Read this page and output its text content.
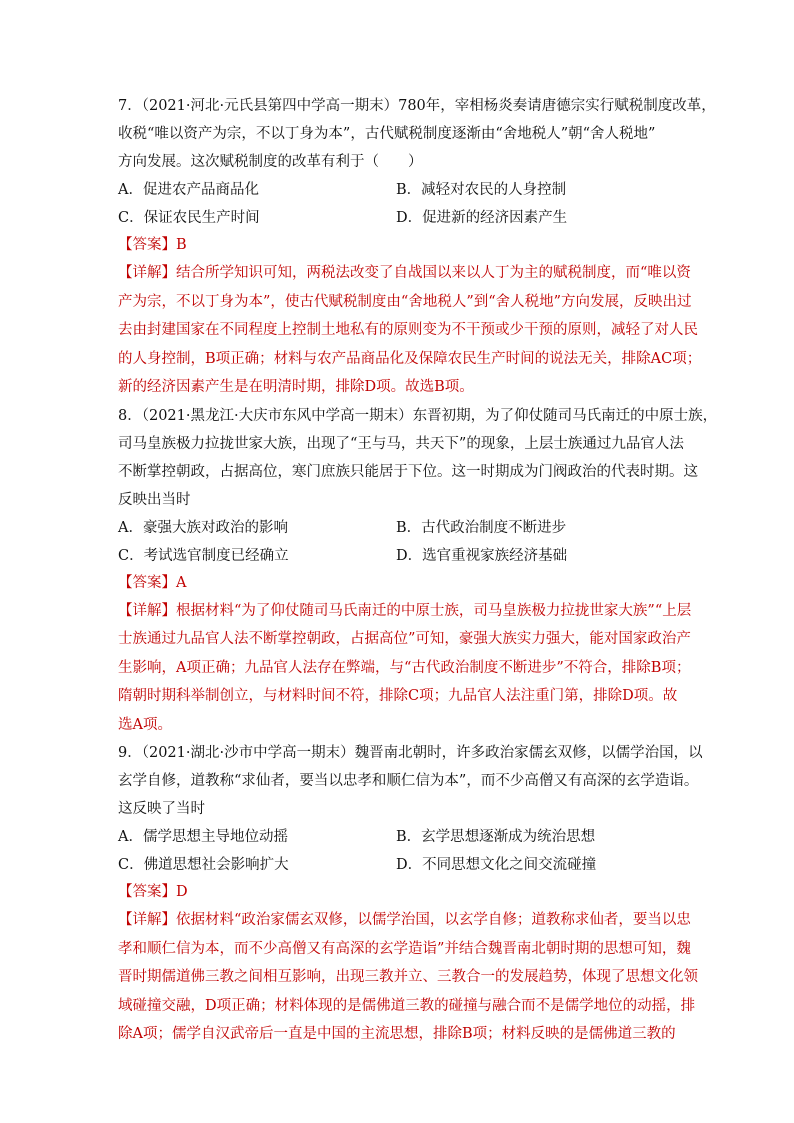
7．（2021·河北·元氏县第四中学高一期末）780年，宰相杨炎奏请唐德宗实行赋税制度改革，
收税“唯以资产为宗，不以丁身为本”，古代赋税制度逐渐由“舍地税人”朝“舍人税地”
方向发展。这次赋税制度的改革有利于（　　）
A．促进农产品商品化	B．减轻对农民的人身控制
C．保证农民生产时间	D．促进新的经济因素产生
【答案】B
【详解】结合所学知识可知，两税法改变了自战国以来以人丁为主的赋税制度，而“唯以资
产为宗，不以丁身为本”，使古代赋税制度由“舍地税人”到“舍人税地”方向发展，反映出过
去由封建国家在不同程度上控制土地私有的原则变为不干预或少干预的原则，减轻了对人民
的人身控制，B项正确；材料与农产品商品化及保障农民生产时间的说法无关，排除AC项；
新的经济因素产生是在明清时期，排除D项。故选B项。
8．（2021·黑龙江·大庆市东风中学高一期末）东晋初期，为了仰仗随司马氏南迁的中原士族，
司马皇族极力拉拢世家大族，出现了“王与马，共天下”的现象，上层士族通过九品官人法
不断掌控朝政，占据高位，寒门庶族只能居于下位。这一时期成为门阀政治的代表时期。这
反映出当时
A．豪强大族对政治的影响	B．古代政治制度不断进步
C．考试选官制度已经确立	D．选官重视家族经济基础
【答案】A
【详解】根据材料“为了仰仗随司马氏南迁的中原士族，司马皇族极力拉拢世家大族”“上层
士族通过九品官人法不断掌控朝政，占据高位”可知，豪强大族实力强大，能对国家政治产
生影响，A项正确；九品官人法存在弊端，与“古代政治制度不断进步”不符合，排除B项；
隋朝时期科举制创立，与材料时间不符，排除C项；九品官人法注重门第，排除D项。故
选A项。
9．（2021·湖北·沙市中学高一期末）魏晋南北朝时，许多政治家儒玄双修，以儒学治国，以
玄学自修，道教称“求仙者，要当以忠孝和顺仁信为本”，而不少高僧又有高深的玄学造诣。
这反映了当时
A．儒学思想主导地位动摇	B．玄学思想逐渐成为统治思想
C．佛道思想社会影响扩大	D．不同思想文化之间交流碰撞
【答案】D
【详解】依据材料“政治家儒玄双修，以儒学治国，以玄学自修；道教称求仙者，要当以忠
孝和顺仁信为本，而不少高僧又有高深的玄学造诣”并结合魏晋南北朝时期的思想可知，魏
晋时期儒道佛三教之间相互影响，出现三教并立、三教合一的发展趋势，体现了思想文化领
域碰撞交融，D项正确；材料体现的是儒佛道三教的碰撞与融合而不是儒学地位的动摇，排
除A项；儒学自汉武帝后一直是中国的主流思想，排除B项；材料反映的是儒佛道三教的
